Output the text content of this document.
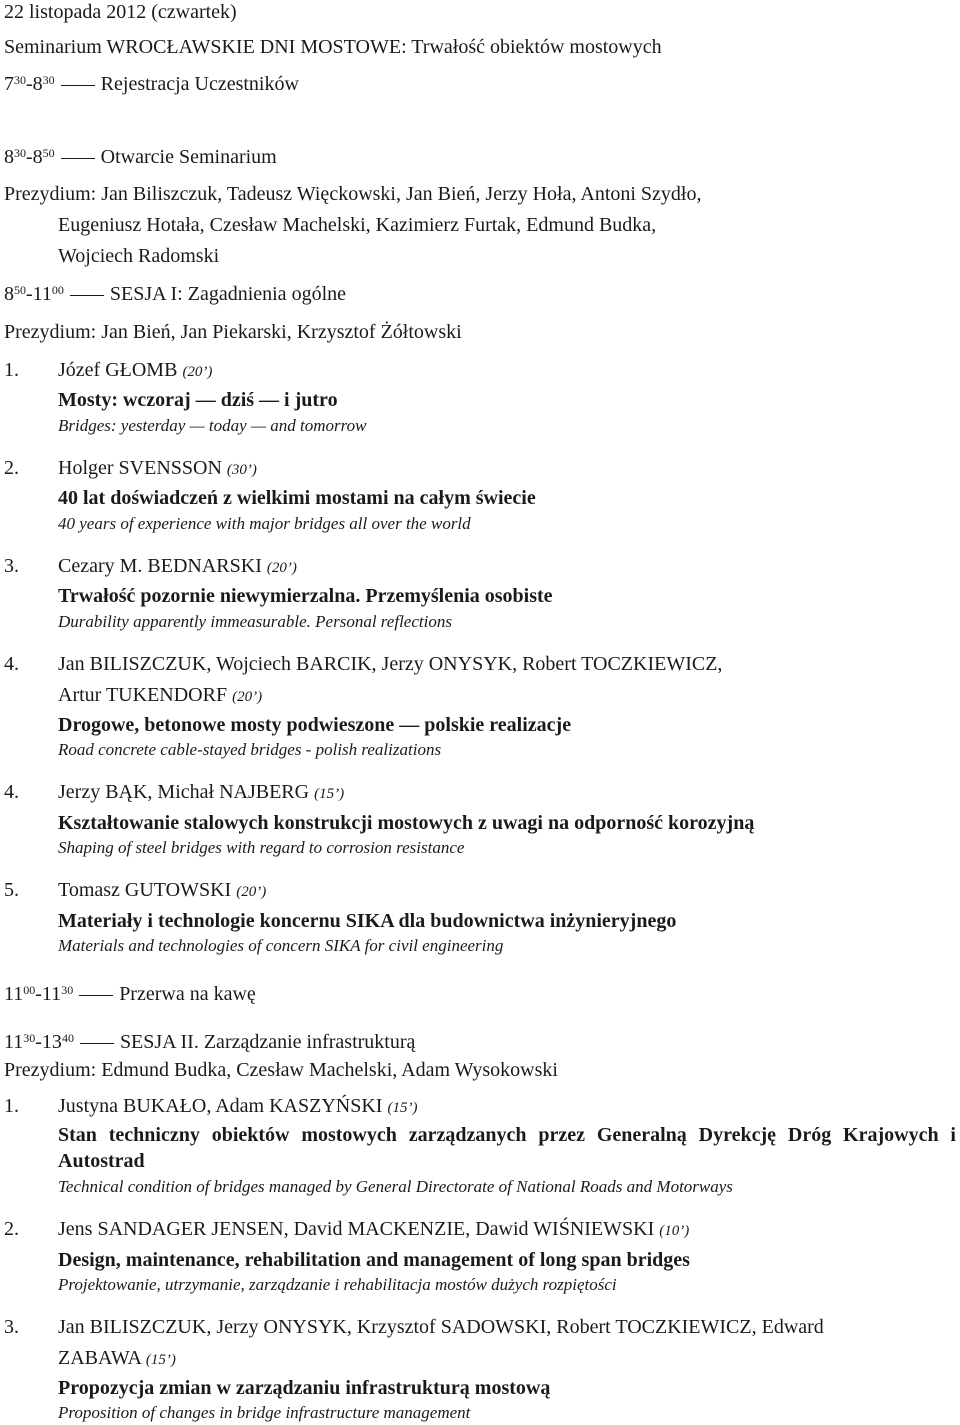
22 listopada 2012 (czwartek)
Seminarium WROCŁAWSKIE DNI MOSTOWE: Trwałość obiektów mostowych
$7^{30}-8^{30}$ Rejestracja Uczestników
$8^{30}-8^{50}$ Otwarcie Seminarium
Prezydium: Jan Biliszczuk, Tadeusz Więckowski, Jan Bień, Jerzy Hoła, Antoni Szydło,
Eugeniusz Hotała, Czesław Machelski, Kazimierz Furtak, Edmund Budka,
Wojciech Radomski
$8^{50}-11^{00}$ SESJA I: Zagadnienia ogólne
Prezydium: Jan Bień, Jan Piekarski, Krzysztof Żółtowski
1. Józef GŁOMB (20’)
Mosty: wczoraj — dziś — i jutro
Bridges: yesterday — today — and tomorrow
2. Holger SVENSSON (30’)
40 lat doświadczeń z wielkimi mostami na całym świecie
40 years of experience with major bridges all over the world
3. Cezary M. BEDNARSKI (20’)
Trwałość pozornie niewymierzalna. Przemyślenia osobiste
Durability apparently immeasurable. Personal reflections
4. Jan BILISZCZUK, Wojciech BARCIK, Jerzy ONYSYK, Robert TOCZKIEWICZ,
Artur TUKENDORF (20’)
Drogowe, betonowe mosty podwieszone — polskie realizacje
Road concrete cable-stayed bridges - polish realizations
4. Jerzy BĄK, Michał NAJBERG (15’)
Kształtowanie stalowych konstrukcji mostowych z uwagi na odporność korozyjną
Shaping of steel bridges with regard to corrosion resistance
5. Tomasz GUTOWSKI (20’)
Materiały i technologie koncernu SIKA dla budownictwa inżynieryjnego
Materials and technologies of concern SIKA for civil engineering
$11^{00}-11^{30}$ Przerwa na kawę
$11^{30}-13^{40}$ SESJA II. Zarządzanie infrastrukturą
Prezydium: Edmund Budka, Czesław Machelski, Adam Wysokowski
1. Justyna BUKAŁO, Adam KASZYŃSKI (15’)
Stan techniczny obiektów mostowych zarządzanych przez Generalną Dyrekcję Dróg Krajowych i Autostrad
Technical condition of bridges managed by General Directorate of National Roads and Motorways
2. Jens SANDAGER JENSEN, David MACKENZIE, Dawid WIŚNIEWSKI (10’)
Design, maintenance, rehabilitation and management of long span bridges
Projektowanie, utrzymanie, zarządzanie i rehabilitacja mostów dużych rozpiętości
3. Jan BILISZCZUK, Jerzy ONYSYK, Krzysztof SADOWSKI, Robert TOCZKIEWICZ, Edward
ZABAWA (15’)
Propozycja zmian w zarządzaniu infrastrukturą mostową
Proposition of changes in bridge infrastructure management
